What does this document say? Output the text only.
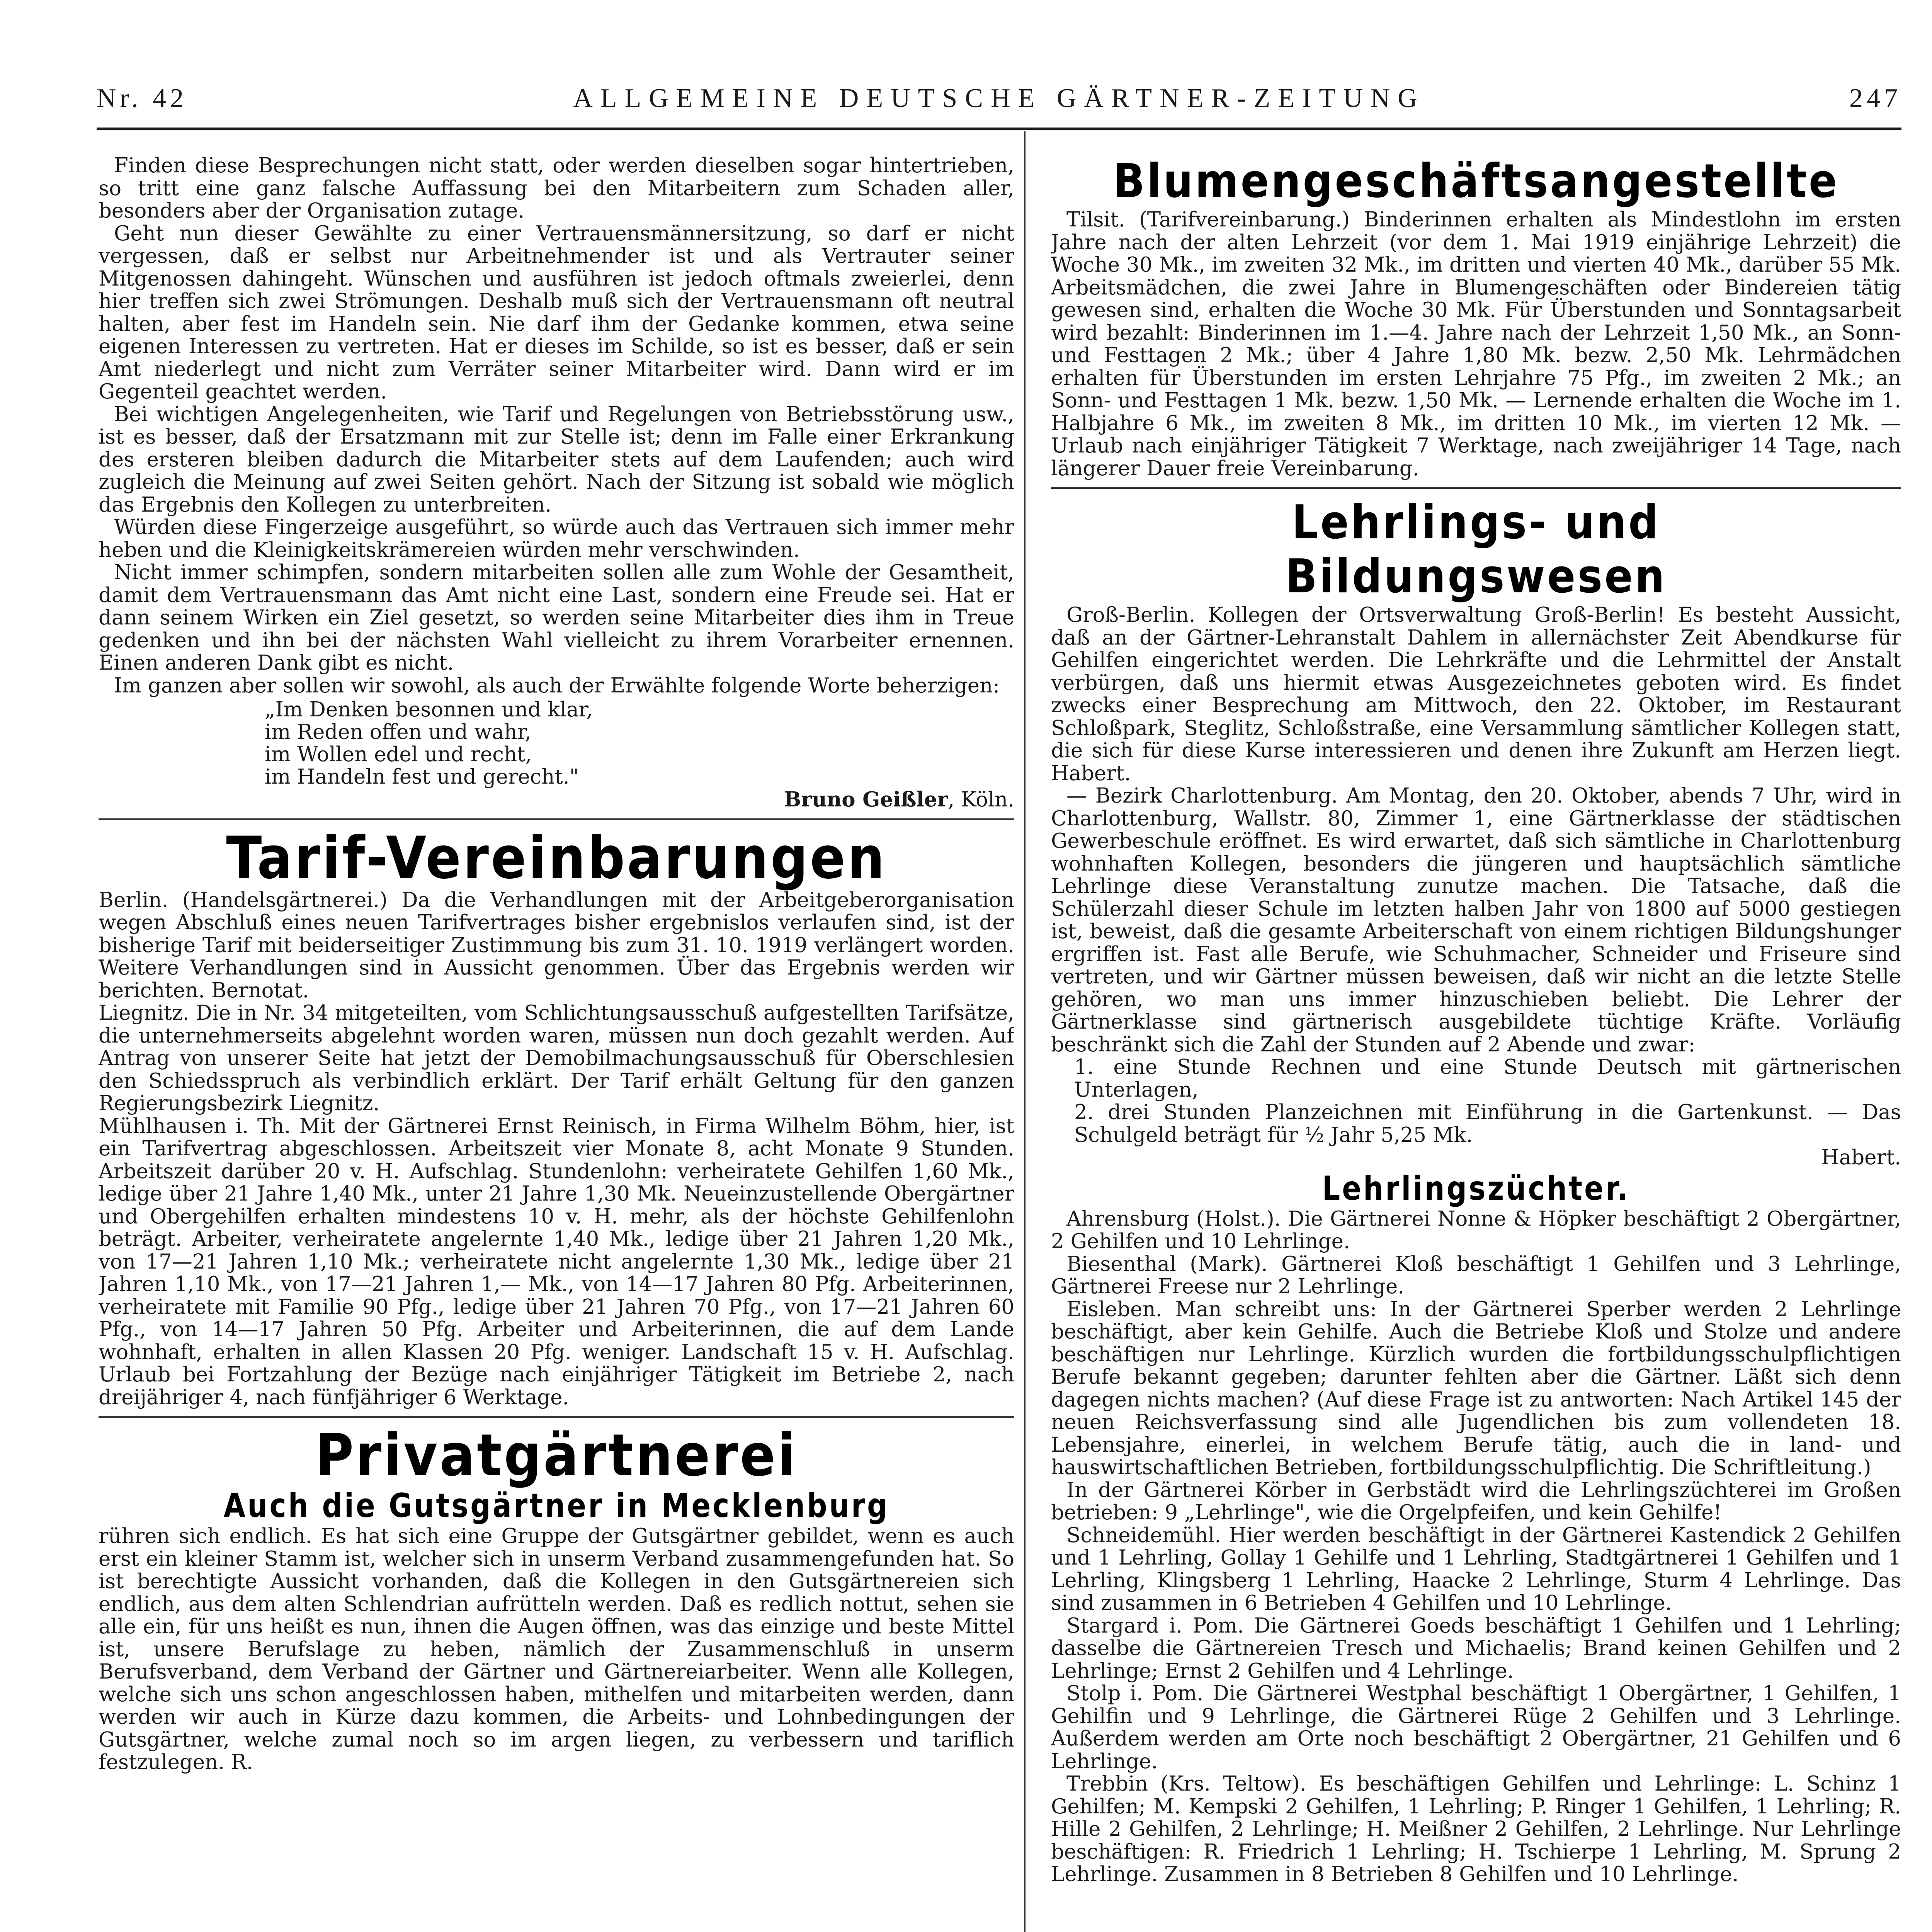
Nr. 42	ALLGEMEINE DEUTSCHE GÄRTNER-ZEITUNG	247

Finden diese Besprechungen nicht statt, oder werden dieselben sogar hintertrieben, so tritt eine ganz falsche Auffassung bei den Mitarbeitern zum Schaden aller, besonders aber der Organisation zutage.

Geht nun dieser Gewählte zu einer Vertrauensmännersitzung, so darf er nicht vergessen, daß er selbst nur Arbeitnehmender ist und als Vertrauter seiner Mitgenossen dahingeht. Wünschen und ausführen ist jedoch oftmals zweierlei, denn hier treffen sich zwei Strömungen. Deshalb muß sich der Vertrauensmann oft neutral halten, aber fest im Handeln sein. Nie darf ihm der Gedanke kommen, etwa seine eigenen Interessen zu vertreten. Hat er dieses im Schilde, so ist es besser, daß er sein Amt niederlegt und nicht zum Verräter seiner Mitarbeiter wird. Dann wird er im Gegenteil geachtet werden.

Bei wichtigen Angelegenheiten, wie Tarif und Regelungen von Betriebsstörung usw., ist es besser, daß der Ersatzmann mit zur Stelle ist; denn im Falle einer Erkrankung des ersteren bleiben dadurch die Mitarbeiter stets auf dem Laufenden; auch wird zugleich die Meinung auf zwei Seiten gehört. Nach der Sitzung ist sobald wie möglich das Ergebnis den Kollegen zu unterbreiten.

Würden diese Fingerzeige ausgeführt, so würde auch das Vertrauen sich immer mehr heben und die Kleinigkeitskrämereien würden mehr verschwinden.

Nicht immer schimpfen, sondern mitarbeiten sollen alle zum Wohle der Gesamtheit, damit dem Vertrauensmann das Amt nicht eine Last, sondern eine Freude sei. Hat er dann seinem Wirken ein Ziel gesetzt, so werden seine Mitarbeiter dies ihm in Treue gedenken und ihn bei der nächsten Wahl vielleicht zu ihrem Vorarbeiter ernennen. Einen anderen Dank gibt es nicht.

Im ganzen aber sollen wir sowohl, als auch der Erwählte folgende Worte beherzigen:

„Im Denken besonnen und klar,
im Reden offen und wahr,
im Wollen edel und recht,
im Handeln fest und gerecht."
Bruno Geißler, Köln.
Tarif-Vereinbarungen

Berlin. (Handelsgärtnerei.) Da die Verhandlungen mit der Arbeitgeberorganisation wegen Abschluß eines neuen Tarifvertrages bisher ergebnislos verlaufen sind, ist der bisherige Tarif mit beiderseitiger Zustimmung bis zum 31. 10. 1919 verlängert worden. Weitere Verhandlungen sind in Aussicht genommen. Über das Ergebnis werden wir berichten. Bernotat.

Liegnitz. Die in Nr. 34 mitgeteilten, vom Schlichtungsausschuß aufgestellten Tarifsätze, die unternehmerseits abgelehnt worden waren, müssen nun doch gezahlt werden. Auf Antrag von unserer Seite hat jetzt der Demobilmachungsausschuß für Oberschlesien den Schiedsspruch als verbindlich erklärt. Der Tarif erhält Geltung für den ganzen Regierungsbezirk Liegnitz.

Mühlhausen i. Th. Mit der Gärtnerei Ernst Reinisch, in Firma Wilhelm Böhm, hier, ist ein Tarifvertrag abgeschlossen. Arbeitszeit vier Monate 8, acht Monate 9 Stunden. Arbeitszeit darüber 20 v. H. Aufschlag. Stundenlohn: verheiratete Gehilfen 1,60 Mk., ledige über 21 Jahre 1,40 Mk., unter 21 Jahre 1,30 Mk. Neueinzustellende Obergärtner und Obergehilfen erhalten mindestens 10 v. H. mehr, als der höchste Gehilfenlohn beträgt. Arbeiter, verheiratete angelernte 1,40 Mk., ledige über 21 Jahren 1,20 Mk., von 17—21 Jahren 1,10 Mk.; verheiratete nicht angelernte 1,30 Mk., ledige über 21 Jahren 1,10 Mk., von 17—21 Jahren 1,— Mk., von 14—17 Jahren 80 Pfg. Arbeiterinnen, verheiratete mit Familie 90 Pfg., ledige über 21 Jahren 70 Pfg., von 17—21 Jahren 60 Pfg., von 14—17 Jahren 50 Pfg. Arbeiter und Arbeiterinnen, die auf dem Lande wohnhaft, erhalten in allen Klassen 20 Pfg. weniger. Landschaft 15 v. H. Aufschlag. Urlaub bei Fortzahlung der Bezüge nach einjähriger Tätigkeit im Betriebe 2, nach dreijähriger 4, nach fünfjähriger 6 Werktage.

Privatgärtnerei
Auch die Gutsgärtner in Mecklenburg

rühren sich endlich. Es hat sich eine Gruppe der Gutsgärtner gebildet, wenn es auch erst ein kleiner Stamm ist, welcher sich in unserm Verband zusammengefunden hat. So ist berechtigte Aussicht vorhanden, daß die Kollegen in den Gutsgärtnereien sich endlich, aus dem alten Schlendrian aufrütteln werden. Daß es redlich nottut, sehen sie alle ein, für uns heißt es nun, ihnen die Augen öffnen, was das einzige und beste Mittel ist, unsere Berufslage zu heben, nämlich der Zusammenschluß in unserm Berufsverband, dem Verband der Gärtner und Gärtnereiarbeiter. Wenn alle Kollegen, welche sich uns schon angeschlossen haben, mithelfen und mitarbeiten werden, dann werden wir auch in Kürze dazu kommen, die Arbeits- und Lohnbedingungen der Gutsgärtner, welche zumal noch so im argen liegen, zu verbessern und tariflich festzulegen. R.

Blumengeschäftsangestellte

Tilsit. (Tarifvereinbarung.) Binderinnen erhalten als Mindestlohn im ersten Jahre nach der alten Lehrzeit (vor dem 1. Mai 1919 einjährige Lehrzeit) die Woche 30 Mk., im zweiten 32 Mk., im dritten und vierten 40 Mk., darüber 55 Mk. Arbeitsmädchen, die zwei Jahre in Blumengeschäften oder Bindereien tätig gewesen sind, erhalten die Woche 30 Mk. Für Überstunden und Sonntagsarbeit wird bezahlt: Binderinnen im 1.—4. Jahre nach der Lehrzeit 1,50 Mk., an Sonn- und Festtagen 2 Mk.; über 4 Jahre 1,80 Mk. bezw. 2,50 Mk. Lehrmädchen erhalten für Überstunden im ersten Lehrjahre 75 Pfg., im zweiten 2 Mk.; an Sonn- und Festtagen 1 Mk. bezw. 1,50 Mk. — Lernende erhalten die Woche im 1. Halbjahre 6 Mk., im zweiten 8 Mk., im dritten 10 Mk., im vierten 12 Mk. — Urlaub nach einjähriger Tätigkeit 7 Werktage, nach zweijähriger 14 Tage, nach längerer Dauer freie Vereinbarung.

Lehrlings- und Bildungswesen

Groß-Berlin. Kollegen der Ortsverwaltung Groß-Berlin! Es besteht Aussicht, daß an der Gärtner-Lehranstalt Dahlem in allernächster Zeit Abendkurse für Gehilfen eingerichtet werden. Die Lehrkräfte und die Lehrmittel der Anstalt verbürgen, daß uns hiermit etwas Ausgezeichnetes geboten wird. Es findet zwecks einer Besprechung am Mittwoch, den 22. Oktober, im Restaurant Schloßpark, Steglitz, Schloßstraße, eine Versammlung sämtlicher Kollegen statt, die sich für diese Kurse interessieren und denen ihre Zukunft am Herzen liegt. Habert.

— Bezirk Charlottenburg. Am Montag, den 20. Oktober, abends 7 Uhr, wird in Charlottenburg, Wallstr. 80, Zimmer 1, eine Gärtnerklasse der städtischen Gewerbeschule eröffnet. Es wird erwartet, daß sich sämtliche in Charlottenburg wohnhaften Kollegen, besonders die jüngeren und hauptsächlich sämtliche Lehrlinge diese Veranstaltung zunutze machen. Die Tatsache, daß die Schülerzahl dieser Schule im letzten halben Jahr von 1800 auf 5000 gestiegen ist, beweist, daß die gesamte Arbeiterschaft von einem richtigen Bildungshunger ergriffen ist. Fast alle Berufe, wie Schuhmacher, Schneider und Friseure sind vertreten, und wir Gärtner müssen beweisen, daß wir nicht an die letzte Stelle gehören, wo man uns immer hinzuschieben beliebt. Die Lehrer der Gärtnerklasse sind gärtnerisch ausgebildete tüchtige Kräfte. Vorläufig beschränkt sich die Zahl der Stunden auf 2 Abende und zwar:

1. eine Stunde Rechnen und eine Stunde Deutsch mit gärtnerischen Unterlagen,

2. drei Stunden Planzeichnen mit Einführung in die Gartenkunst. — Das Schulgeld beträgt für ½ Jahr 5,25 Mk.

Habert.
Lehrlingszüchter.

Ahrensburg (Holst.). Die Gärtnerei Nonne & Höpker beschäftigt 2 Obergärtner, 2 Gehilfen und 10 Lehrlinge.

Biesenthal (Mark). Gärtnerei Kloß beschäftigt 1 Gehilfen und 3 Lehrlinge, Gärtnerei Freese nur 2 Lehrlinge.

Eisleben. Man schreibt uns: In der Gärtnerei Sperber werden 2 Lehrlinge beschäftigt, aber kein Gehilfe. Auch die Betriebe Kloß und Stolze und andere beschäftigen nur Lehrlinge. Kürzlich wurden die fortbildungsschulpflichtigen Berufe bekannt gegeben; darunter fehlten aber die Gärtner. Läßt sich denn dagegen nichts machen? (Auf diese Frage ist zu antworten: Nach Artikel 145 der neuen Reichsverfassung sind alle Jugendlichen bis zum vollendeten 18. Lebensjahre, einerlei, in welchem Berufe tätig, auch die in land- und hauswirtschaftlichen Betrieben, fortbildungsschulpflichtig. Die Schriftleitung.)

In der Gärtnerei Körber in Gerbstädt wird die Lehrlingszüchterei im Großen betrieben: 9 „Lehrlinge", wie die Orgelpfeifen, und kein Gehilfe!

Schneidemühl. Hier werden beschäftigt in der Gärtnerei Kastendick 2 Gehilfen und 1 Lehrling, Gollay 1 Gehilfe und 1 Lehrling, Stadtgärtnerei 1 Gehilfen und 1 Lehrling, Klingsberg 1 Lehrling, Haacke 2 Lehrlinge, Sturm 4 Lehrlinge. Das sind zusammen in 6 Betrieben 4 Gehilfen und 10 Lehrlinge.

Stargard i. Pom. Die Gärtnerei Goeds beschäftigt 1 Gehilfen und 1 Lehrling; dasselbe die Gärtnereien Tresch und Michaelis; Brand keinen Gehilfen und 2 Lehrlinge; Ernst 2 Gehilfen und 4 Lehrlinge.

Stolp i. Pom. Die Gärtnerei Westphal beschäftigt 1 Obergärtner, 1 Gehilfen, 1 Gehilfin und 9 Lehrlinge, die Gärtnerei Rüge 2 Gehilfen und 3 Lehrlinge. Außerdem werden am Orte noch beschäftigt 2 Obergärtner, 21 Gehilfen und 6 Lehrlinge.

Trebbin (Krs. Teltow). Es beschäftigen Gehilfen und Lehrlinge: L. Schinz 1 Gehilfen; M. Kempski 2 Gehilfen, 1 Lehrling; P. Ringer 1 Gehilfen, 1 Lehrling; R. Hille 2 Gehilfen, 2 Lehrlinge; H. Meißner 2 Gehilfen, 2 Lehrlinge. Nur Lehrlinge beschäftigen: R. Friedrich 1 Lehrling; H. Tschierpe 1 Lehrling, M. Sprung 2 Lehrlinge. Zusammen in 8 Betrieben 8 Gehilfen und 10 Lehrlinge.
